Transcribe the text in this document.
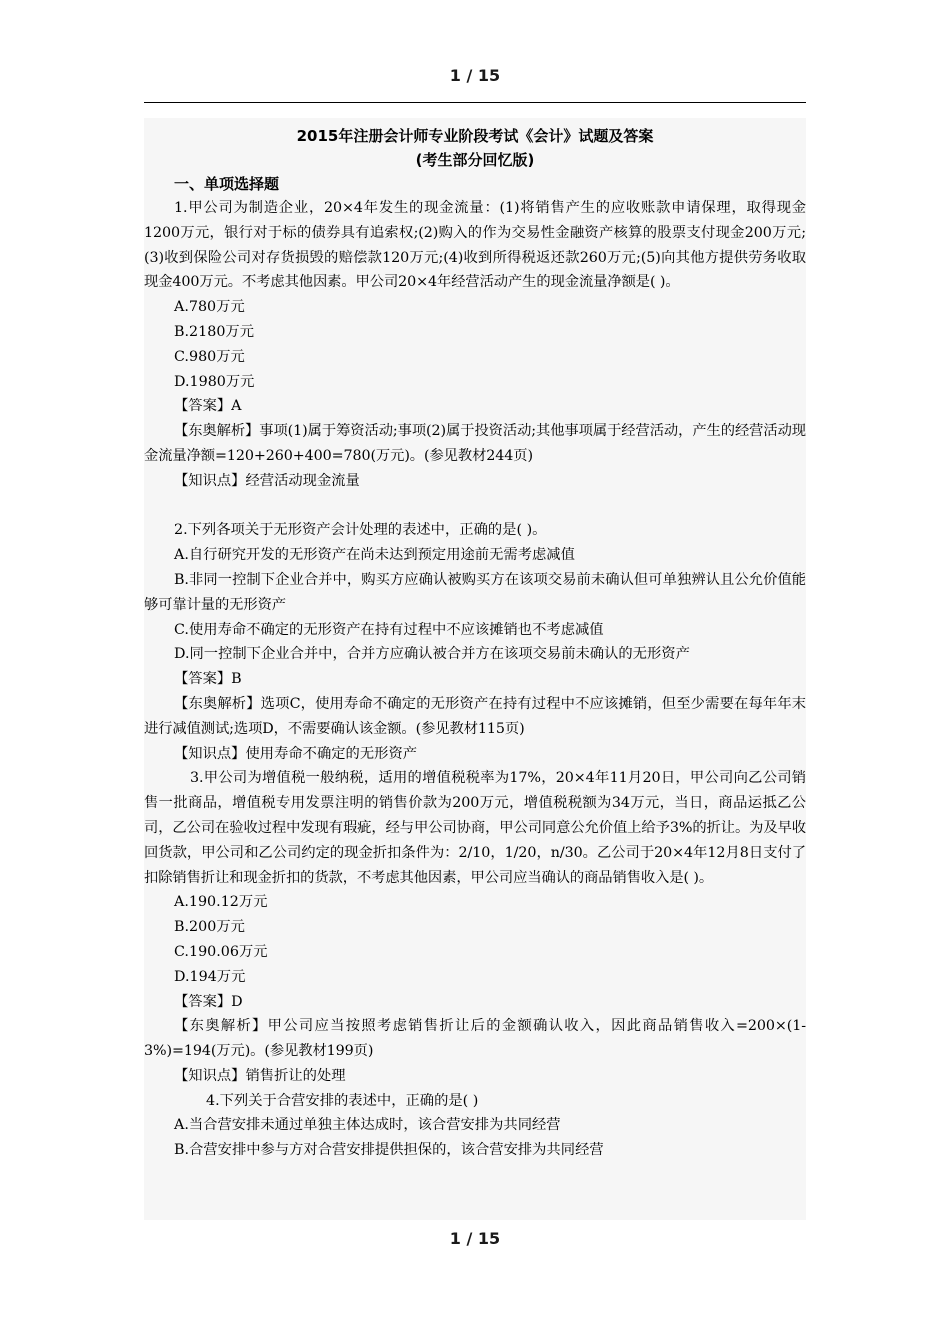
1 / 15
2015年注册会计师专业阶段考试《会计》试题及答案
(考生部分回忆版)
一、单项选择题

1.甲公司为制造企业，20×4年发生的现金流量：(1)将销售产生的应收账款申请保理，取得现金1200万元，银行对于标的债券具有追索权;(2)购入的作为交易性金融资产核算的股票支付现金200万元;(3)收到保险公司对存货损毁的赔偿款120万元;(4)收到所得税返还款260万元;(5)向其他方提供劳务收取现金400万元。不考虑其他因素。甲公司20×4年经营活动产生的现金流量净额是( )。

A.780万元
B.2180万元
C.980万元
D.1980万元
【答案】A

【东奥解析】事项(1)属于筹资活动;事项(2)属于投资活动;其他事项属于经营活动，产生的经营活动现金流量净额=120+260+400=780(万元)。(参见教材244页)

【知识点】经营活动现金流量
2.下列各项关于无形资产会计处理的表述中，正确的是( )。
A.自行研究开发的无形资产在尚未达到预定用途前无需考虑减值

B.非同一控制下企业合并中，购买方应确认被购买方在该项交易前未确认但可单独辨认且公允价值能够可靠计量的无形资产

C.使用寿命不确定的无形资产在持有过程中不应该摊销也不考虑减值
D.同一控制下企业合并中，合并方应确认被合并方在该项交易前未确认的无形资产
【答案】B

【东奥解析】选项C，使用寿命不确定的无形资产在持有过程中不应该摊销，但至少需要在每年年末进行减值测试;选项D，不需要确认该金额。(参见教材115页)

【知识点】使用寿命不确定的无形资产

3.甲公司为增值税一般纳税，适用的增值税税率为17%，20×4年11月20日，甲公司向乙公司销售一批商品，增值税专用发票注明的销售价款为200万元，增值税税额为34万元，当日，商品运抵乙公司，乙公司在验收过程中发现有瑕疵，经与甲公司协商，甲公司同意公允价值上给予3%的折让。为及早收回货款，甲公司和乙公司约定的现金折扣条件为：2/10，1/20，n/30。乙公司于20×4年12月8日支付了扣除销售折让和现金折扣的货款，不考虑其他因素，甲公司应当确认的商品销售收入是( )。

A.190.12万元
B.200万元
C.190.06万元
D.194万元
【答案】D

【东奥解析】甲公司应当按照考虑销售折让后的金额确认收入，因此商品销售收入=200×(1-3%)=194(万元)。(参见教材199页)

【知识点】销售折让的处理
4.下列关于合营安排的表述中，正确的是( )
A.当合营安排未通过单独主体达成时，该合营安排为共同经营
B.合营安排中参与方对合营安排提供担保的，该合营安排为共同经营
1 / 15
